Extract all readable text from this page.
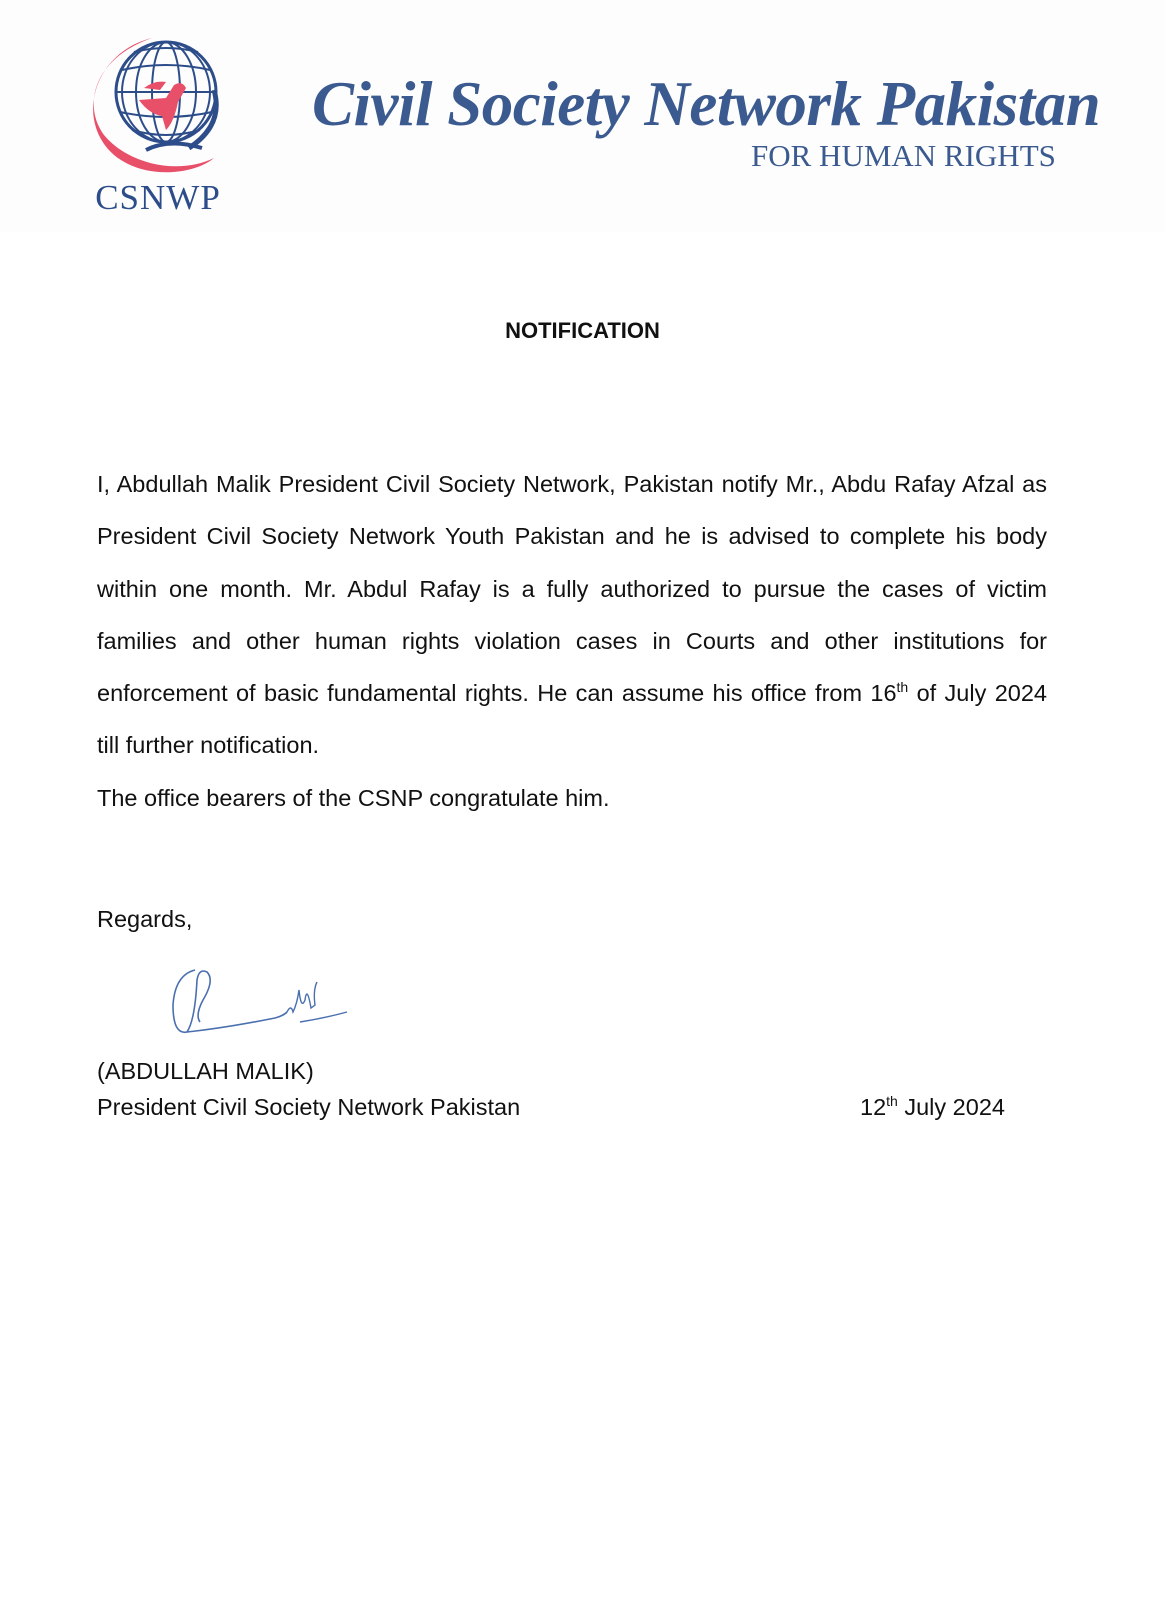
CSNWP
Civil Society Network Pakistan
FOR HUMAN RIGHTS
NOTIFICATION

I, Abdullah Malik President Civil Society Network, Pakistan notify Mr., Abdu Rafay Afzal as President Civil Society Network Youth Pakistan and he is advised to complete his body within one month. Mr. Abdul Rafay is a fully authorized to pursue the cases of victim families and other human rights violation cases in Courts and other institutions for enforcement of basic fundamental rights. He can assume his office from 16th of July 2024 till further notification.

The office bearers of the CSNP congratulate him.

Regards,
(ABDULLAH MALIK)
President Civil Society Network Pakistan	12th July 2024
